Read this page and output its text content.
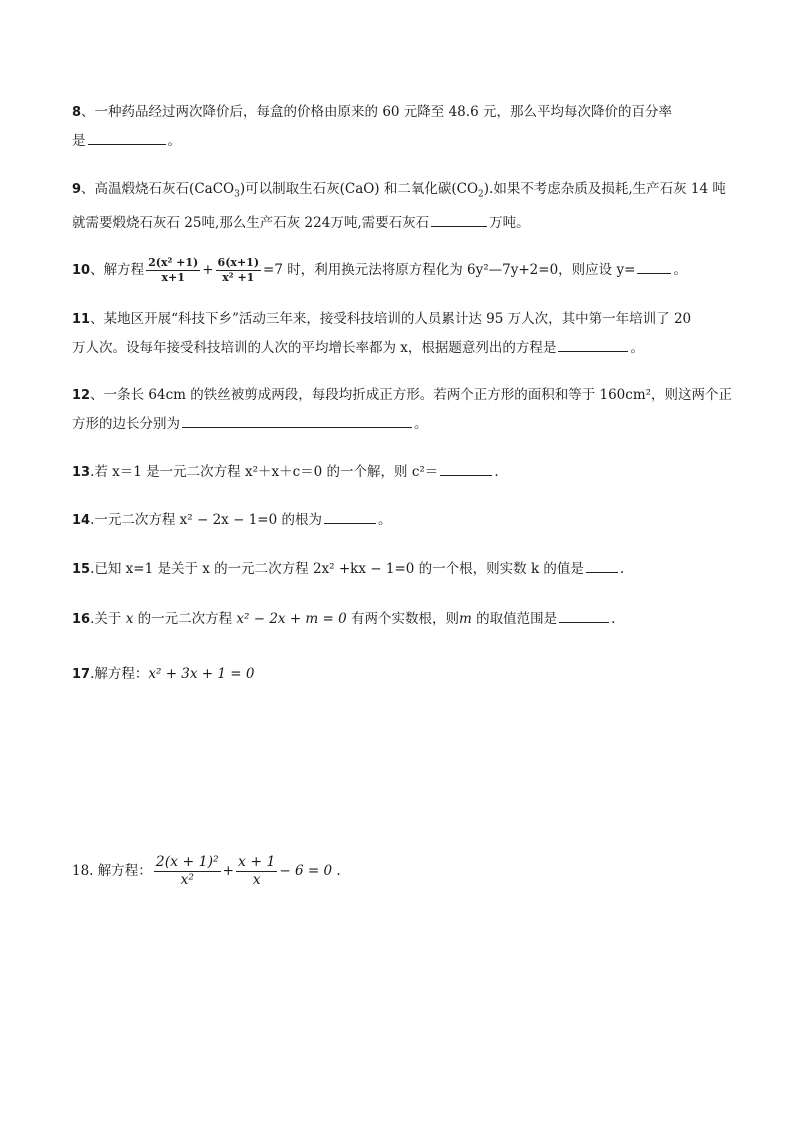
8、一种药品经过两次降价后，每盒的价格由原来的 60 元降至 48.6 元，那么平均每次降价的百分率
是	。
9、高温煅烧石灰石(CaCO$_3$)可以制取生石灰(CaO) 和二氧化碳$(CO_2)$.如果不考虑杂质及损耗,生产石灰 14 吨
就需要煅烧石灰石 25吨,那么生产石灰 224万吨,需要石灰石	万吨。
10、解方程 $\frac{\text{2(x² +1)}}{x+1} + \frac{6(x+1)}{\text{x² +1}} =7$ 时，利用换元法将原方程化为 6y²—7y+2=0，则应设 y=	。
11、某地区开展“科技下乡”活动三年来，接受科技培训的人员累计达 95 万人次，其中第一年培训了 20
万人次。设每年接受科技培训的人次的平均增长率都为 x，根据题意列出的方程是	。
12、一条长 64cm 的铁丝被剪成两段，每段均折成正方形。若两个正方形的面积和等于 160cm²，则这两个正
方形的边长分别为	。
13.若 x＝1 是一元二次方程 x²＋x＋c＝0 的一个解，则 c²＝	.
14.一元二次方程 x² − 2x − 1=0 的根为	。
15.已知 x=1 是关于 x 的一元二次方程 2x² +kx − 1=0 的一个根，则实数 k 的值是	.
16.关于 x 的一元二次方程 x² − 2x + m = 0 有两个实数根，则m 的取值范围是	.
17.解方程：x² + 3x + 1 = 0
18. 解方程： $\frac{\text{2(x + 1)²}}{\text{x²}} + \frac{x + 1}{x} - 6 = 0$ .
